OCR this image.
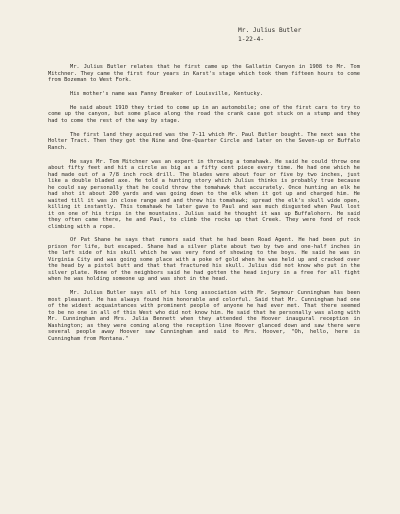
Mr. Julius Butler
1-22-4-

Mr. Julius Butler relates that he first came up the Gallatin Canyon in 1908 to Mr. Tom Mitchner. They came the first four years in Karst's stage which took them fifteen hours to come from Bozeman to West Fork.

His mother's name was Fanny Breaker of Louisville, Kentucky.

He said about 1910 they tried to come up in an automobile; one of the first cars to try to come up the canyon, but some place along the road the crank case got stuck on a stump and they had to come the rest of the way by stage.

The first land they acquired was the 7-11 which Mr. Paul Butler bought. The next was the Holter Tract. Then they got the Nine and One-Quarter Circle and later on the Seven-up or Buffalo Ranch.

He says Mr. Tom Mitchner was an expert in throwing a tomahawk. He said he could throw one about fifty feet and hit a circle as big as a fifty cent piece every time. He had one which he had made out of a 7/8 inch rock drill. The blades were about four or five by two inches, just like a double bladed axe. He told a hunting story which Julius thinks is probably true because he could say personally that he could throw the tomahawk that accurately. Once hunting an elk he had shot it about 200 yards and was going down to the elk when it got up and charged him. He waited till it was in close range and and threw his tomahawk; spread the elk's skull wide open, killing it instantly. This tomahawk he later gave to Paul and was much disgusted when Paul lost it on one of his trips in the mountains. Julius said he thought it was up Buffalohorn. He said they often came there, he and Paul, to climb the rocks up that Creek. They were fond of rock climbing with a rope.

Of Pat Shane he says that rumors said that he had been Road Agent. He had been put in prison for life, but escaped. Shane had a silver plate about two by two and one-half inches in the left side of his skull which he was very fond of showing to the boys. He said he was in Virginia City and was going some place with a poke of gold when he was held up and cracked over the head by a pistol butt and that that fractured his skull. Julius did not know who put in the silver plate. None of the neighbors said he had gotten the head injury in a free for all fight when he was holding someone up and was shot in the head.

Mr. Julius Butler says all of his long association with Mr. Seymour Cunningham has been most pleasant. He has always found him honorable and colorful. Said that Mr. Cunningham had one of the widest acquaintances with prominent people of anyone he had ever met. That there seemed to be no one in all of this West who did not know him. He said that he personally was along with Mr. Cunningham and Mrs. Julia Bennett when they attended the Hoover inaugural reception in Washington; as they were coming along the reception line Hoover glanced down and saw there were several people away Hoover saw Cunningham and said to Mrs. Hoover, "Oh, hello, here is Cunningham from Montana."
